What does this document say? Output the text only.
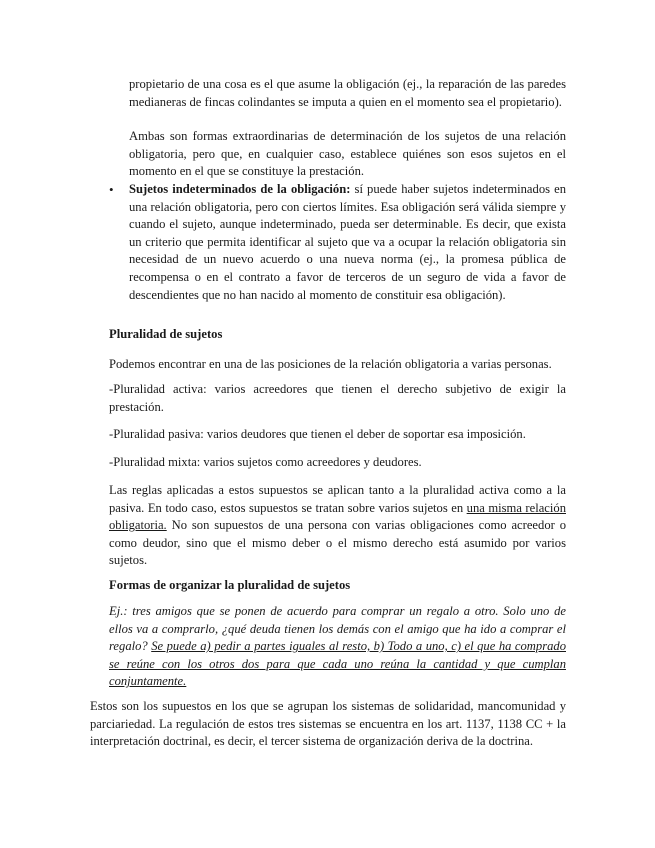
propietario de una cosa es el que asume la obligación (ej., la reparación de las paredes medianeras de fincas colindantes se imputa a quien en el momento sea el propietario).

Ambas son formas extraordinarias de determinación de los sujetos de una relación obligatoria, pero que, en cualquier caso, establece quiénes son esos sujetos en el momento en el que se constituye la prestación.

• Sujetos indeterminados de la obligación: sí puede haber sujetos indeterminados en una relación obligatoria, pero con ciertos límites. Esa obligación será válida siempre y cuando el sujeto, aunque indeterminado, pueda ser determinable. Es decir, que exista un criterio que permita identificar al sujeto que va a ocupar la relación obligatoria sin necesidad de un nuevo acuerdo o una nueva norma (ej., la promesa pública de recompensa o en el contrato a favor de terceros de un seguro de vida a favor de descendientes que no han nacido al momento de constituir esa obligación).

Pluralidad de sujetos

Podemos encontrar en una de las posiciones de la relación obligatoria a varias personas.

-Pluralidad activa: varios acreedores que tienen el derecho subjetivo de exigir la prestación.

-Pluralidad pasiva: varios deudores que tienen el deber de soportar esa imposición.

-Pluralidad mixta: varios sujetos como acreedores y deudores.

Las reglas aplicadas a estos supuestos se aplican tanto a la pluralidad activa como a la pasiva. En todo caso, estos supuestos se tratan sobre varios sujetos en una misma relación obligatoria. No son supuestos de una persona con varias obligaciones como acreedor o como deudor, sino que el mismo deber o el mismo derecho está asumido por varios sujetos.

Formas de organizar la pluralidad de sujetos

Ej.: tres amigos que se ponen de acuerdo para comprar un regalo a otro. Solo uno de ellos va a comprarlo, ¿qué deuda tienen los demás con el amigo que ha ido a comprar el regalo? Se puede a) pedir a partes iguales al resto, b) Todo a uno, c) el que ha comprado se reúne con los otros dos para que cada uno reúna la cantidad y que cumplan conjuntamente.

Estos son los supuestos en los que se agrupan los sistemas de solidaridad, mancomunidad y parciariedad. La regulación de estos tres sistemas se encuentra en los art. 1137, 1138 CC + la interpretación doctrinal, es decir, el tercer sistema de organización deriva de la doctrina.
